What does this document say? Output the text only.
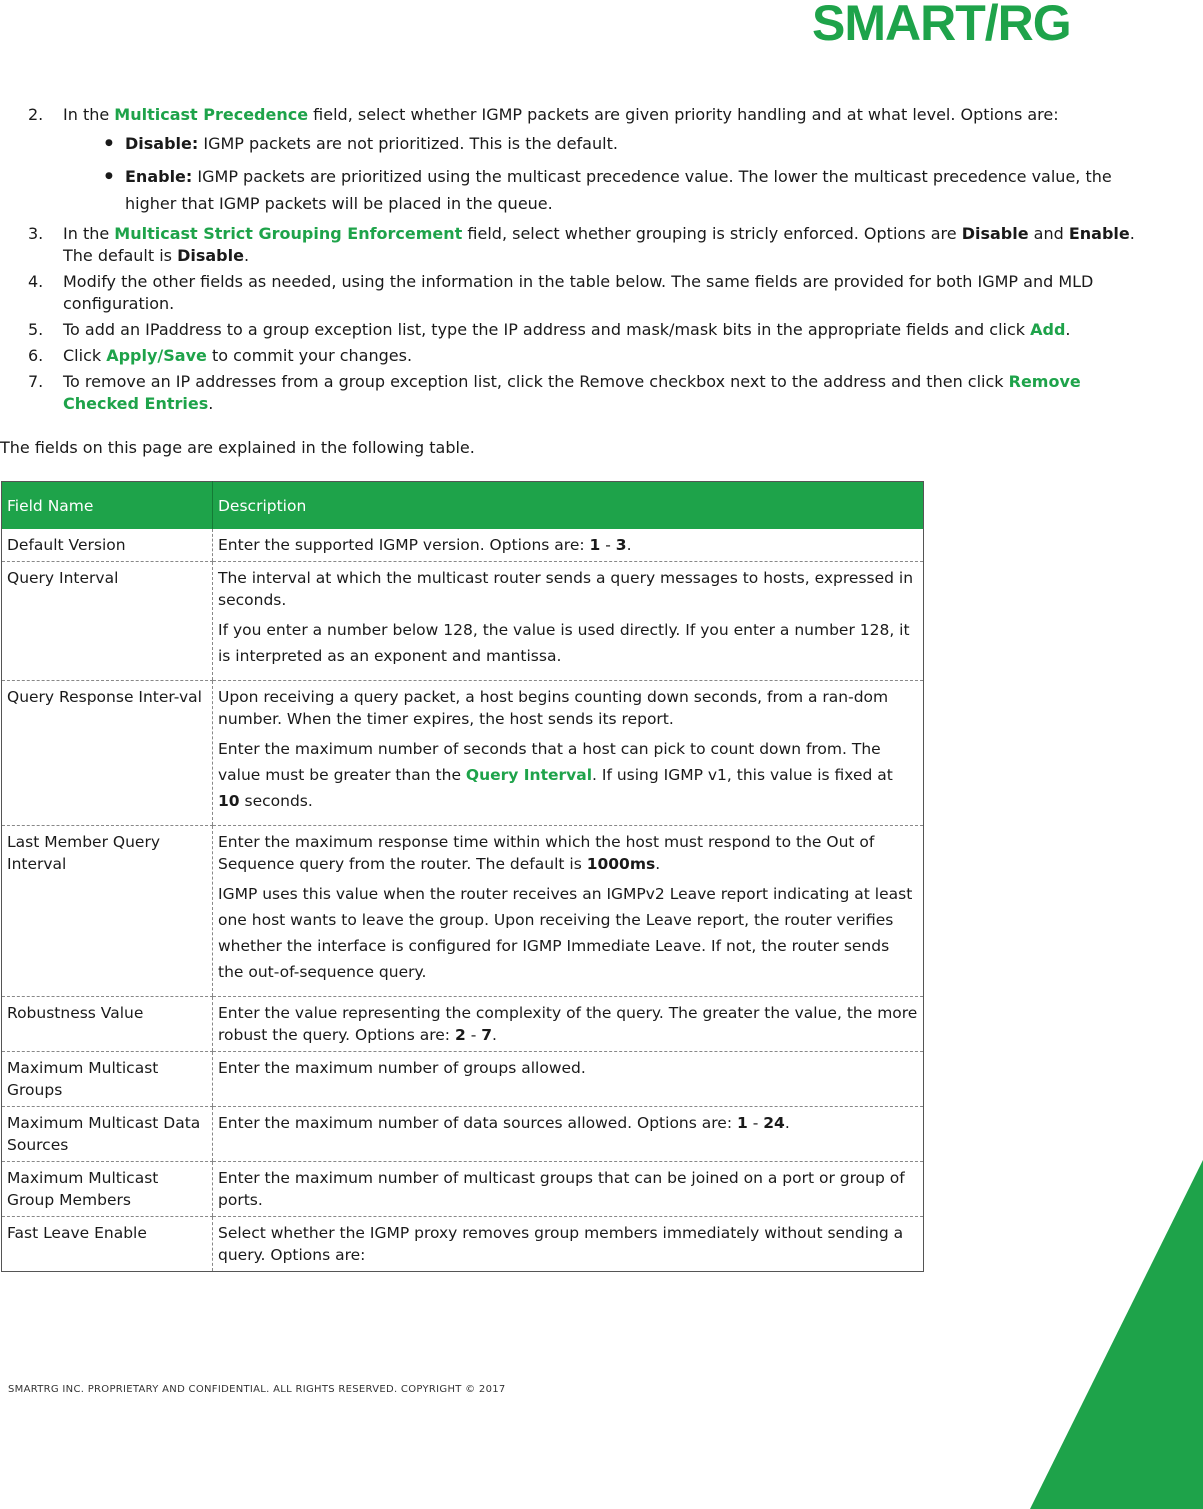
SMART/RG
2. In the Multicast Precedence field, select whether IGMP packets are given priority handling and at what level. Options are:
● Disable: IGMP packets are not prioritized. This is the default.
● Enable: IGMP packets are prioritized using the multicast precedence value. The lower the multicast precedence value, the higher that IGMP packets will be placed in the queue.
3. In the Multicast Strict Grouping Enforcement field, select whether grouping is stricly enforced. Options are Disable and Enable. The default is Disable.
4. Modify the other fields as needed, using the information in the table below. The same fields are provided for both IGMP and MLD configuration.
5. To add an IPaddress to a group exception list, type the IP address and mask/mask bits in the appropriate fields and click Add.
6. Click Apply/Save to commit your changes.
7. To remove an IP addresses from a group exception list, click the Remove checkbox next to the address and then click Remove Checked Entries.
The fields on this page are explained in the following table.
Field Name	Description
Default Version	Enter the supported IGMP version. Options are: 1 - 3.
Query Interval	The interval at which the multicast router sends a query messages to hosts, expressed in seconds.

If you enter a number below 128, the value is used directly. If you enter a number 128, it is interpreted as an exponent and mantissa.

Query Response Inter-val	Upon receiving a query packet, a host begins counting down seconds, from a ran-dom number. When the timer expires, the host sends its report.

Enter the maximum number of seconds that a host can pick to count down from. The value must be greater than the Query Interval. If using IGMP v1, this value is fixed at 10 seconds.

Last Member Query Interval	Enter the maximum response time within which the host must respond to the Out of Sequence query from the router. The default is 1000ms.

IGMP uses this value when the router receives an IGMPv2 Leave report indicating at least one host wants to leave the group. Upon receiving the Leave report, the router verifies whether the interface is configured for IGMP Immediate Leave. If not, the router sends the out-of-sequence query.

Robustness Value	Enter the value representing the complexity of the query. The greater the value, the more robust the query. Options are: 2 - 7.
Maximum Multicast Groups	Enter the maximum number of groups allowed.
Maximum Multicast Data Sources	Enter the maximum number of data sources allowed. Options are: 1 - 24.
Maximum Multicast Group Members	Enter the maximum number of multicast groups that can be joined on a port or group of ports.
Fast Leave Enable	Select whether the IGMP proxy removes group members immediately without sending a query. Options are:
SMARTRG INC. PROPRIETARY AND CONFIDENTIAL. ALL RIGHTS RESERVED. COPYRIGHT © 2017
